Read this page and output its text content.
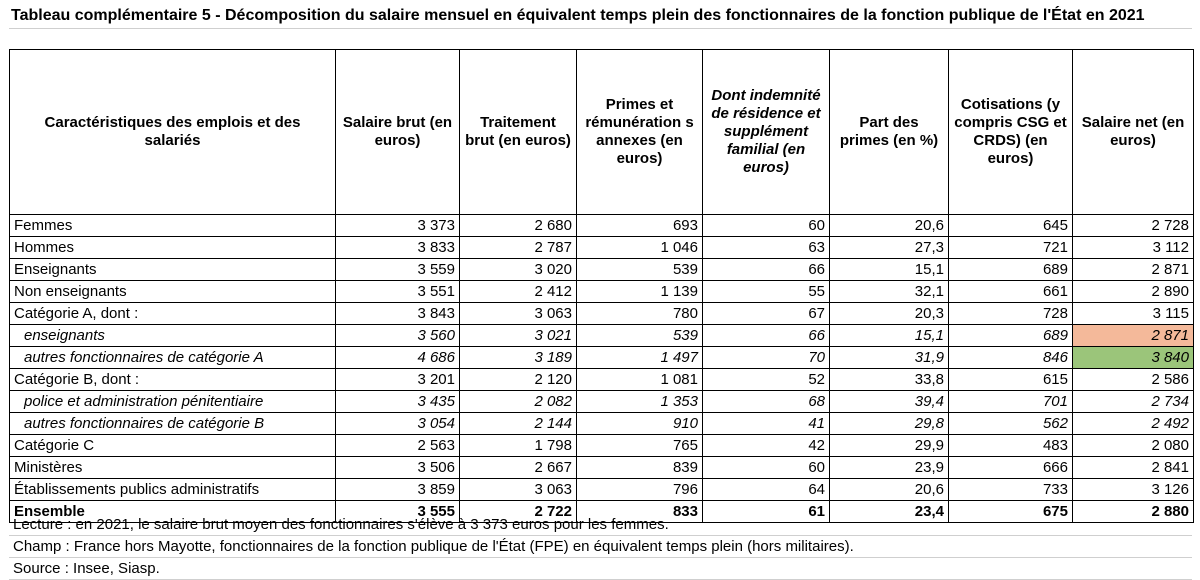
Tableau complémentaire 5 - Décomposition du salaire mensuel en équivalent temps plein des fonctionnaires de la fonction publique de l'État en 2021
Caractéristiques des emplois et des salariés	Salaire brut (en euros)	Traitement brut (en euros)	Primes et rémunération s annexes (en euros)	Dont indemnité de résidence et supplément familial (en euros)	Part des primes (en %)	Cotisations (y compris CSG et CRDS) (en euros)	Salaire net (en euros)
Femmes	3 373	2 680	693	60	20,6	645	2 728
Hommes	3 833	2 787	1 046	63	27,3	721	3 112
Enseignants	3 559	3 020	539	66	15,1	689	2 871
Non enseignants	3 551	2 412	1 139	55	32,1	661	2 890
Catégorie A, dont :	3 843	3 063	780	67	20,3	728	3 115
enseignants	3 560	3 021	539	66	15,1	689	2 871
autres fonctionnaires de catégorie A	4 686	3 189	1 497	70	31,9	846	3 840
Catégorie B, dont :	3 201	2 120	1 081	52	33,8	615	2 586
police et administration pénitentiaire	3 435	2 082	1 353	68	39,4	701	2 734
autres fonctionnaires de catégorie B	3 054	2 144	910	41	29,8	562	2 492
Catégorie C	2 563	1 798	765	42	29,9	483	2 080
Ministères	3 506	2 667	839	60	23,9	666	2 841
Établissements publics administratifs	3 859	3 063	796	64	20,6	733	3 126
Ensemble	3 555	2 722	833	61	23,4	675	2 880
Lecture : en 2021, le salaire brut moyen des fonctionnaires s'élève à 3 373 euros pour les femmes.
Champ : France hors Mayotte, fonctionnaires de la fonction publique de l'État (FPE) en équivalent temps plein (hors militaires).
Source : Insee, Siasp.
